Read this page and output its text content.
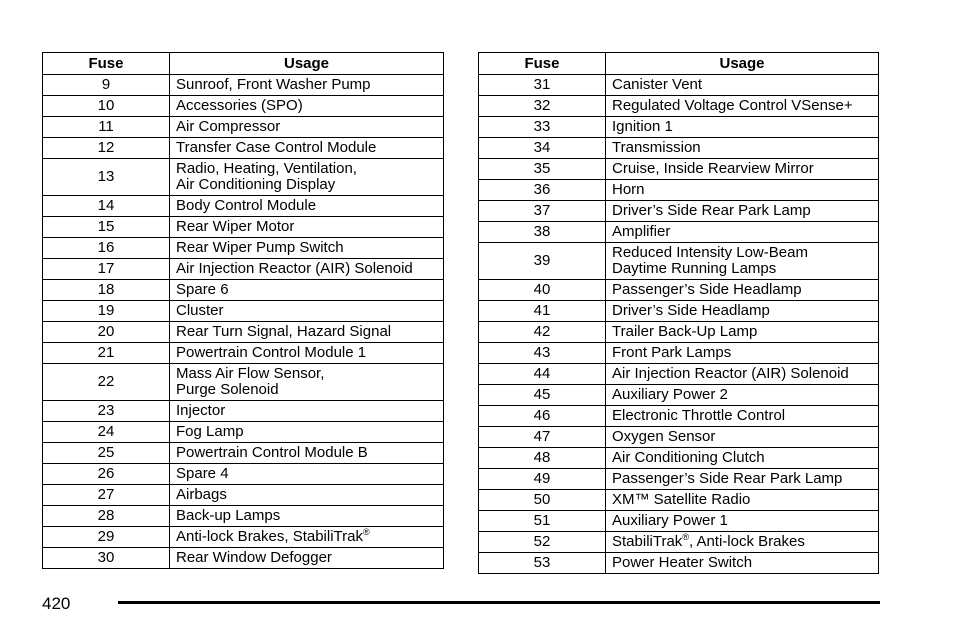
Fuse	Usage
9	Sunroof, Front Washer Pump
10	Accessories (SPO)
11	Air Compressor
12	Transfer Case Control Module
13	Radio, Heating, Ventilation,
Air Conditioning Display

14	Body Control Module
15	Rear Wiper Motor
16	Rear Wiper Pump Switch
17	Air Injection Reactor (AIR) Solenoid
18	Spare 6
19	Cluster
20	Rear Turn Signal, Hazard Signal
21	Powertrain Control Module 1
22	Mass Air Flow Sensor,
Purge Solenoid

23	Injector
24	Fog Lamp
25	Powertrain Control Module B
26	Spare 4
27	Airbags
28	Back-up Lamps
29	Anti-lock Brakes, StabiliTrak®
30	Rear Window Defogger
Fuse	Usage
31	Canister Vent
32	Regulated Voltage Control VSense+
33	Ignition 1
34	Transmission
35	Cruise, Inside Rearview Mirror
36	Horn
37	Driver’s Side Rear Park Lamp
38	Amplifier
39	Reduced Intensity Low-Beam
Daytime Running Lamps

40	Passenger’s Side Headlamp
41	Driver’s Side Headlamp
42	Trailer Back-Up Lamp
43	Front Park Lamps
44	Air Injection Reactor (AIR) Solenoid
45	Auxiliary Power 2
46	Electronic Throttle Control
47	Oxygen Sensor
48	Air Conditioning Clutch
49	Passenger’s Side Rear Park Lamp
50	XM™ Satellite Radio
51	Auxiliary Power 1
52	StabiliTrak®, Anti-lock Brakes
53	Power Heater Switch
420
